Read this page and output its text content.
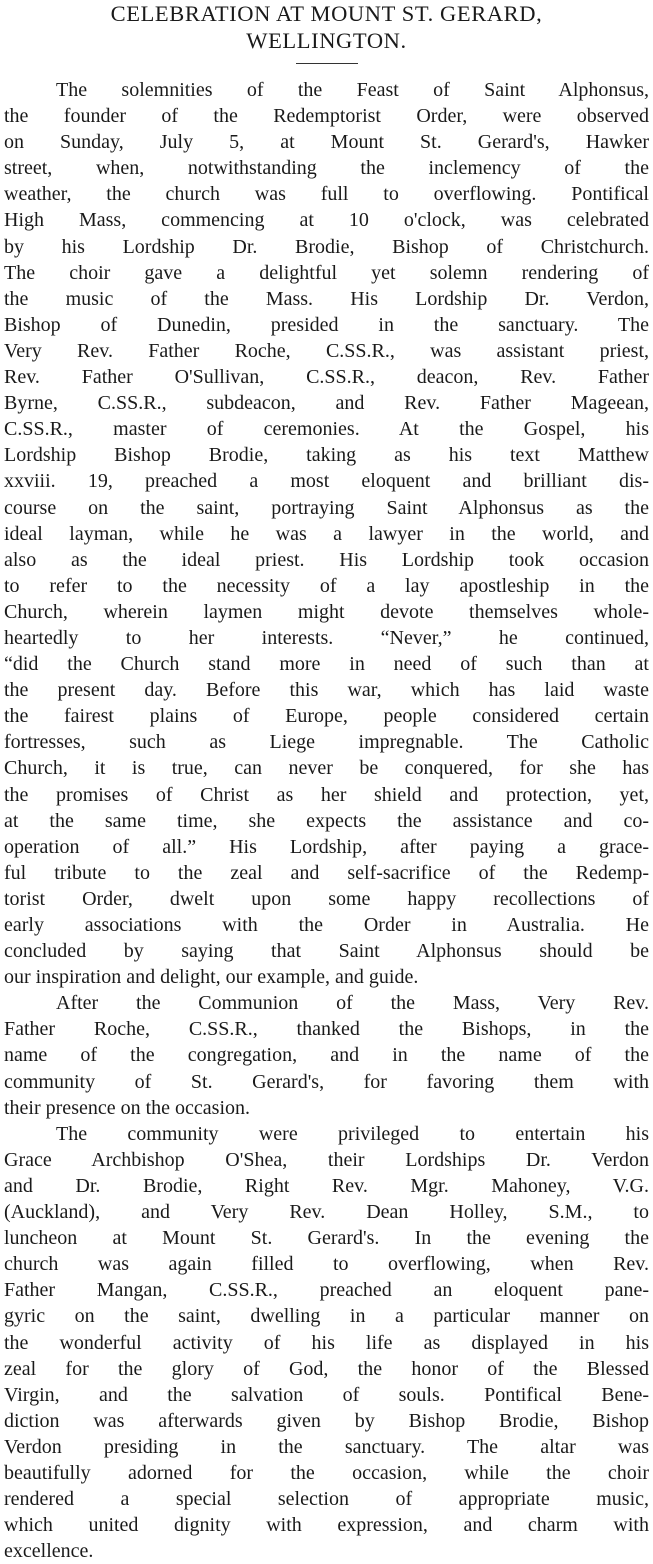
CELEBRATION AT MOUNT ST. GERARD,
WELLINGTON.
The solemnities of the Feast of Saint Alphonsus,
the founder of the Redemptorist Order, were observed
on Sunday, July 5, at Mount St. Gerard's, Hawker
street, when, notwithstanding the inclemency of the
weather, the church was full to overflowing. Pontifical
High Mass, commencing at 10 o'clock, was celebrated
by his Lordship Dr. Brodie, Bishop of Christchurch.
The choir gave a delightful yet solemn rendering of
the music of the Mass. His Lordship Dr. Verdon,
Bishop of Dunedin, presided in the sanctuary. The
Very Rev. Father Roche, C.SS.R., was assistant priest,
Rev. Father O'Sullivan, C.SS.R., deacon, Rev. Father
Byrne, C.SS.R., subdeacon, and Rev. Father Mageean,
C.SS.R., master of ceremonies. At the Gospel, his
Lordship Bishop Brodie, taking as his text Matthew
xxviii. 19, preached a most eloquent and brilliant dis-
course on the saint, portraying Saint Alphonsus as the
ideal layman, while he was a lawyer in the world, and
also as the ideal priest. His Lordship took occasion
to refer to the necessity of a lay apostleship in the
Church, wherein laymen might devote themselves whole-
heartedly to her interests. “Never,” he continued,
“did the Church stand more in need of such than at
the present day. Before this war, which has laid waste
the fairest plains of Europe, people considered certain
fortresses, such as Liege impregnable. The Catholic
Church, it is true, can never be conquered, for she has
the promises of Christ as her shield and protection, yet,
at the same time, she expects the assistance and co-
operation of all.” His Lordship, after paying a grace-
ful tribute to the zeal and self-sacrifice of the Redemp-
torist Order, dwelt upon some happy recollections of
early associations with the Order in Australia. He
concluded by saying that Saint Alphonsus should be
our inspiration and delight, our example, and guide.
After the Communion of the Mass, Very Rev.
Father Roche, C.SS.R., thanked the Bishops, in the
name of the congregation, and in the name of the
community of St. Gerard's, for favoring them with
their presence on the occasion.
The community were privileged to entertain his
Grace Archbishop O'Shea, their Lordships Dr. Verdon
and Dr. Brodie, Right Rev. Mgr. Mahoney, V.G.
(Auckland), and Very Rev. Dean Holley, S.M., to
luncheon at Mount St. Gerard's. In the evening the
church was again filled to overflowing, when Rev.
Father Mangan, C.SS.R., preached an eloquent pane-
gyric on the saint, dwelling in a particular manner on
the wonderful activity of his life as displayed in his
zeal for the glory of God, the honor of the Blessed
Virgin, and the salvation of souls. Pontifical Bene-
diction was afterwards given by Bishop Brodie, Bishop
Verdon presiding in the sanctuary. The altar was
beautifully adorned for the occasion, while the choir
rendered a special selection of appropriate music,
which united dignity with expression, and charm with
excellence.
